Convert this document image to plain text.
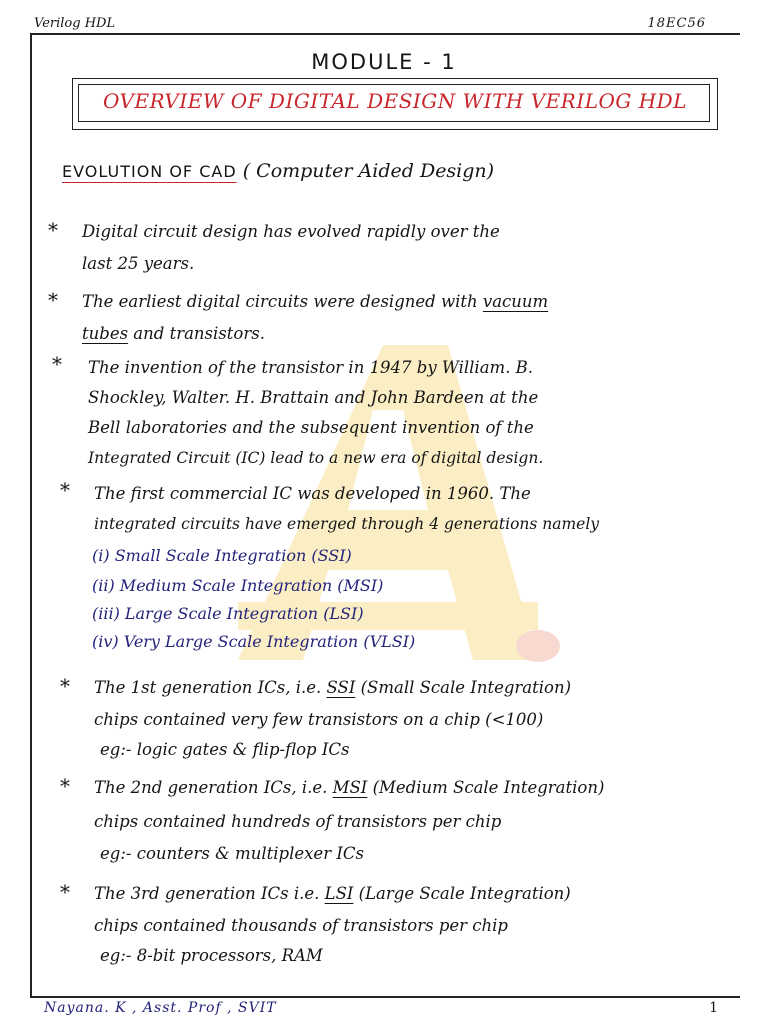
Verilog HDL	18EC56
MODULE - 1
OVERVIEW OF DIGITAL DESIGN WITH VERILOG HDL
EVOLUTION OF CAD ( Computer Aided Design)
* Digital circuit design has evolved rapidly over the
last 25 years.
* The earliest digital circuits were designed with vacuum
tubes and transistors.
* The invention of the transistor in 1947 by William. B.
Shockley, Walter. H. Brattain and John Bardeen at the
Bell laboratories and the subsequent invention of the
Integrated Circuit (IC) lead to a new era of digital design.
* The first commercial IC was developed in 1960. The
integrated circuits have emerged through 4 generations namely
(i) Small Scale Integration (SSI)
(ii) Medium Scale Integration (MSI)
(iii) Large Scale Integration (LSI)
(iv) Very Large Scale Integration (VLSI)
* The 1st generation ICs, i.e. SSI (Small Scale Integration)
chips contained very few transistors on a chip (<100)
eg:- logic gates & flip-flop ICs
* The 2nd generation ICs, i.e. MSI (Medium Scale Integration)
chips contained hundreds of transistors per chip
eg:- counters & multiplexer ICs
* The 3rd generation ICs i.e. LSI (Large Scale Integration)
chips contained thousands of transistors per chip
eg:- 8-bit processors, RAM
Nayana. K , Asst. Prof , SVIT	1
